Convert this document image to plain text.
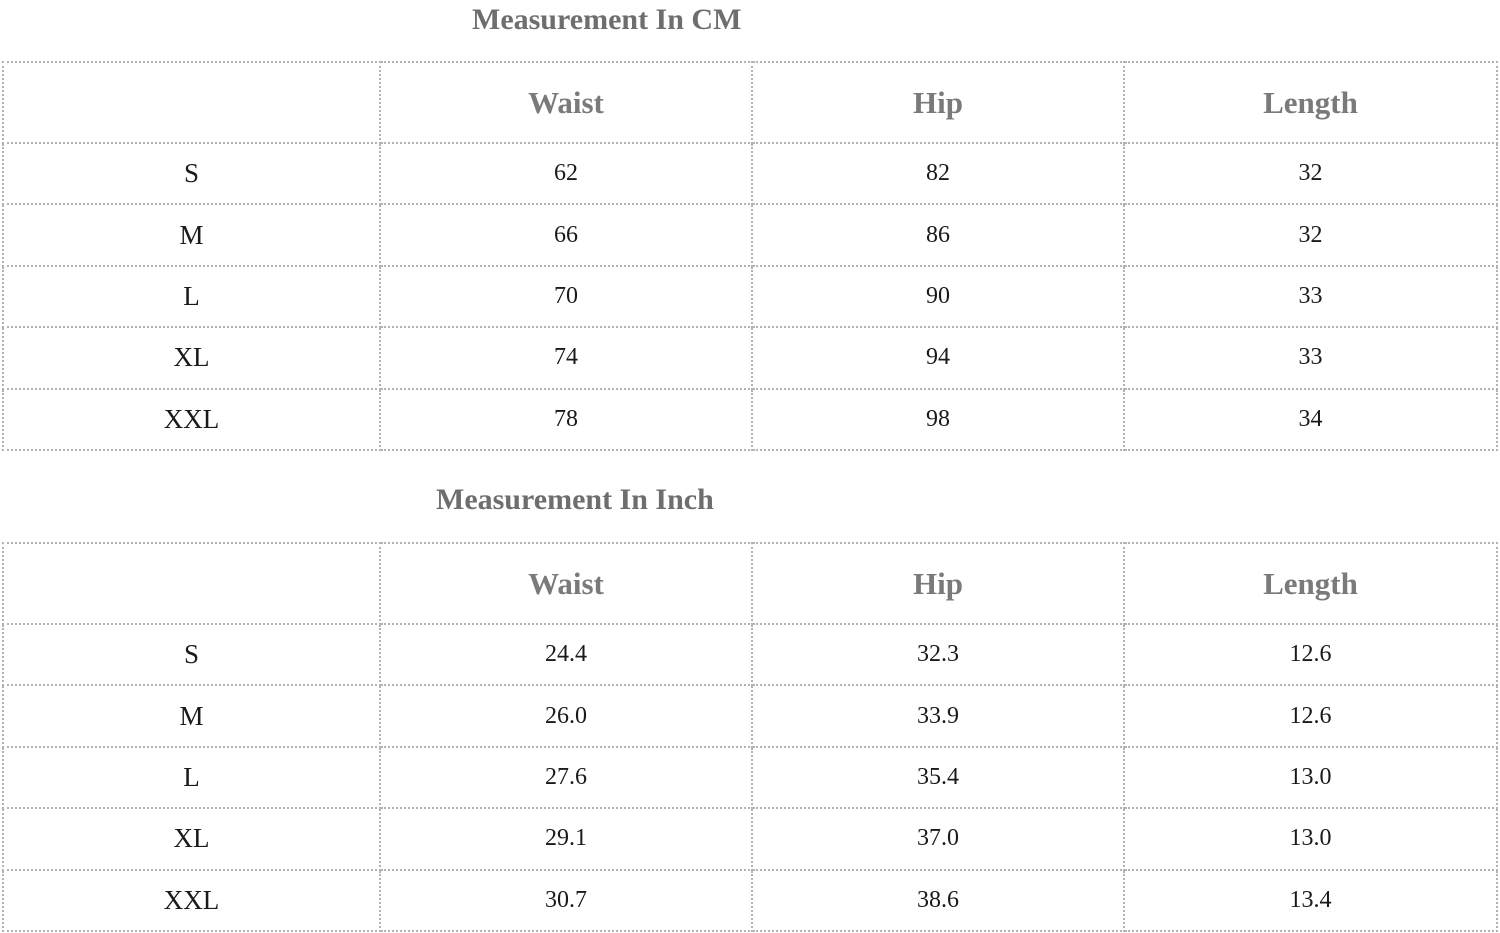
Measurement In CM
	Waist	Hip	Length
S	62	82	32
M	66	86	32
L	70	90	33
XL	74	94	33
XXL	78	98	34
Measurement In Inch
	Waist	Hip	Length
S	24.4	32.3	12.6
M	26.0	33.9	12.6
L	27.6	35.4	13.0
XL	29.1	37.0	13.0
XXL	30.7	38.6	13.4
